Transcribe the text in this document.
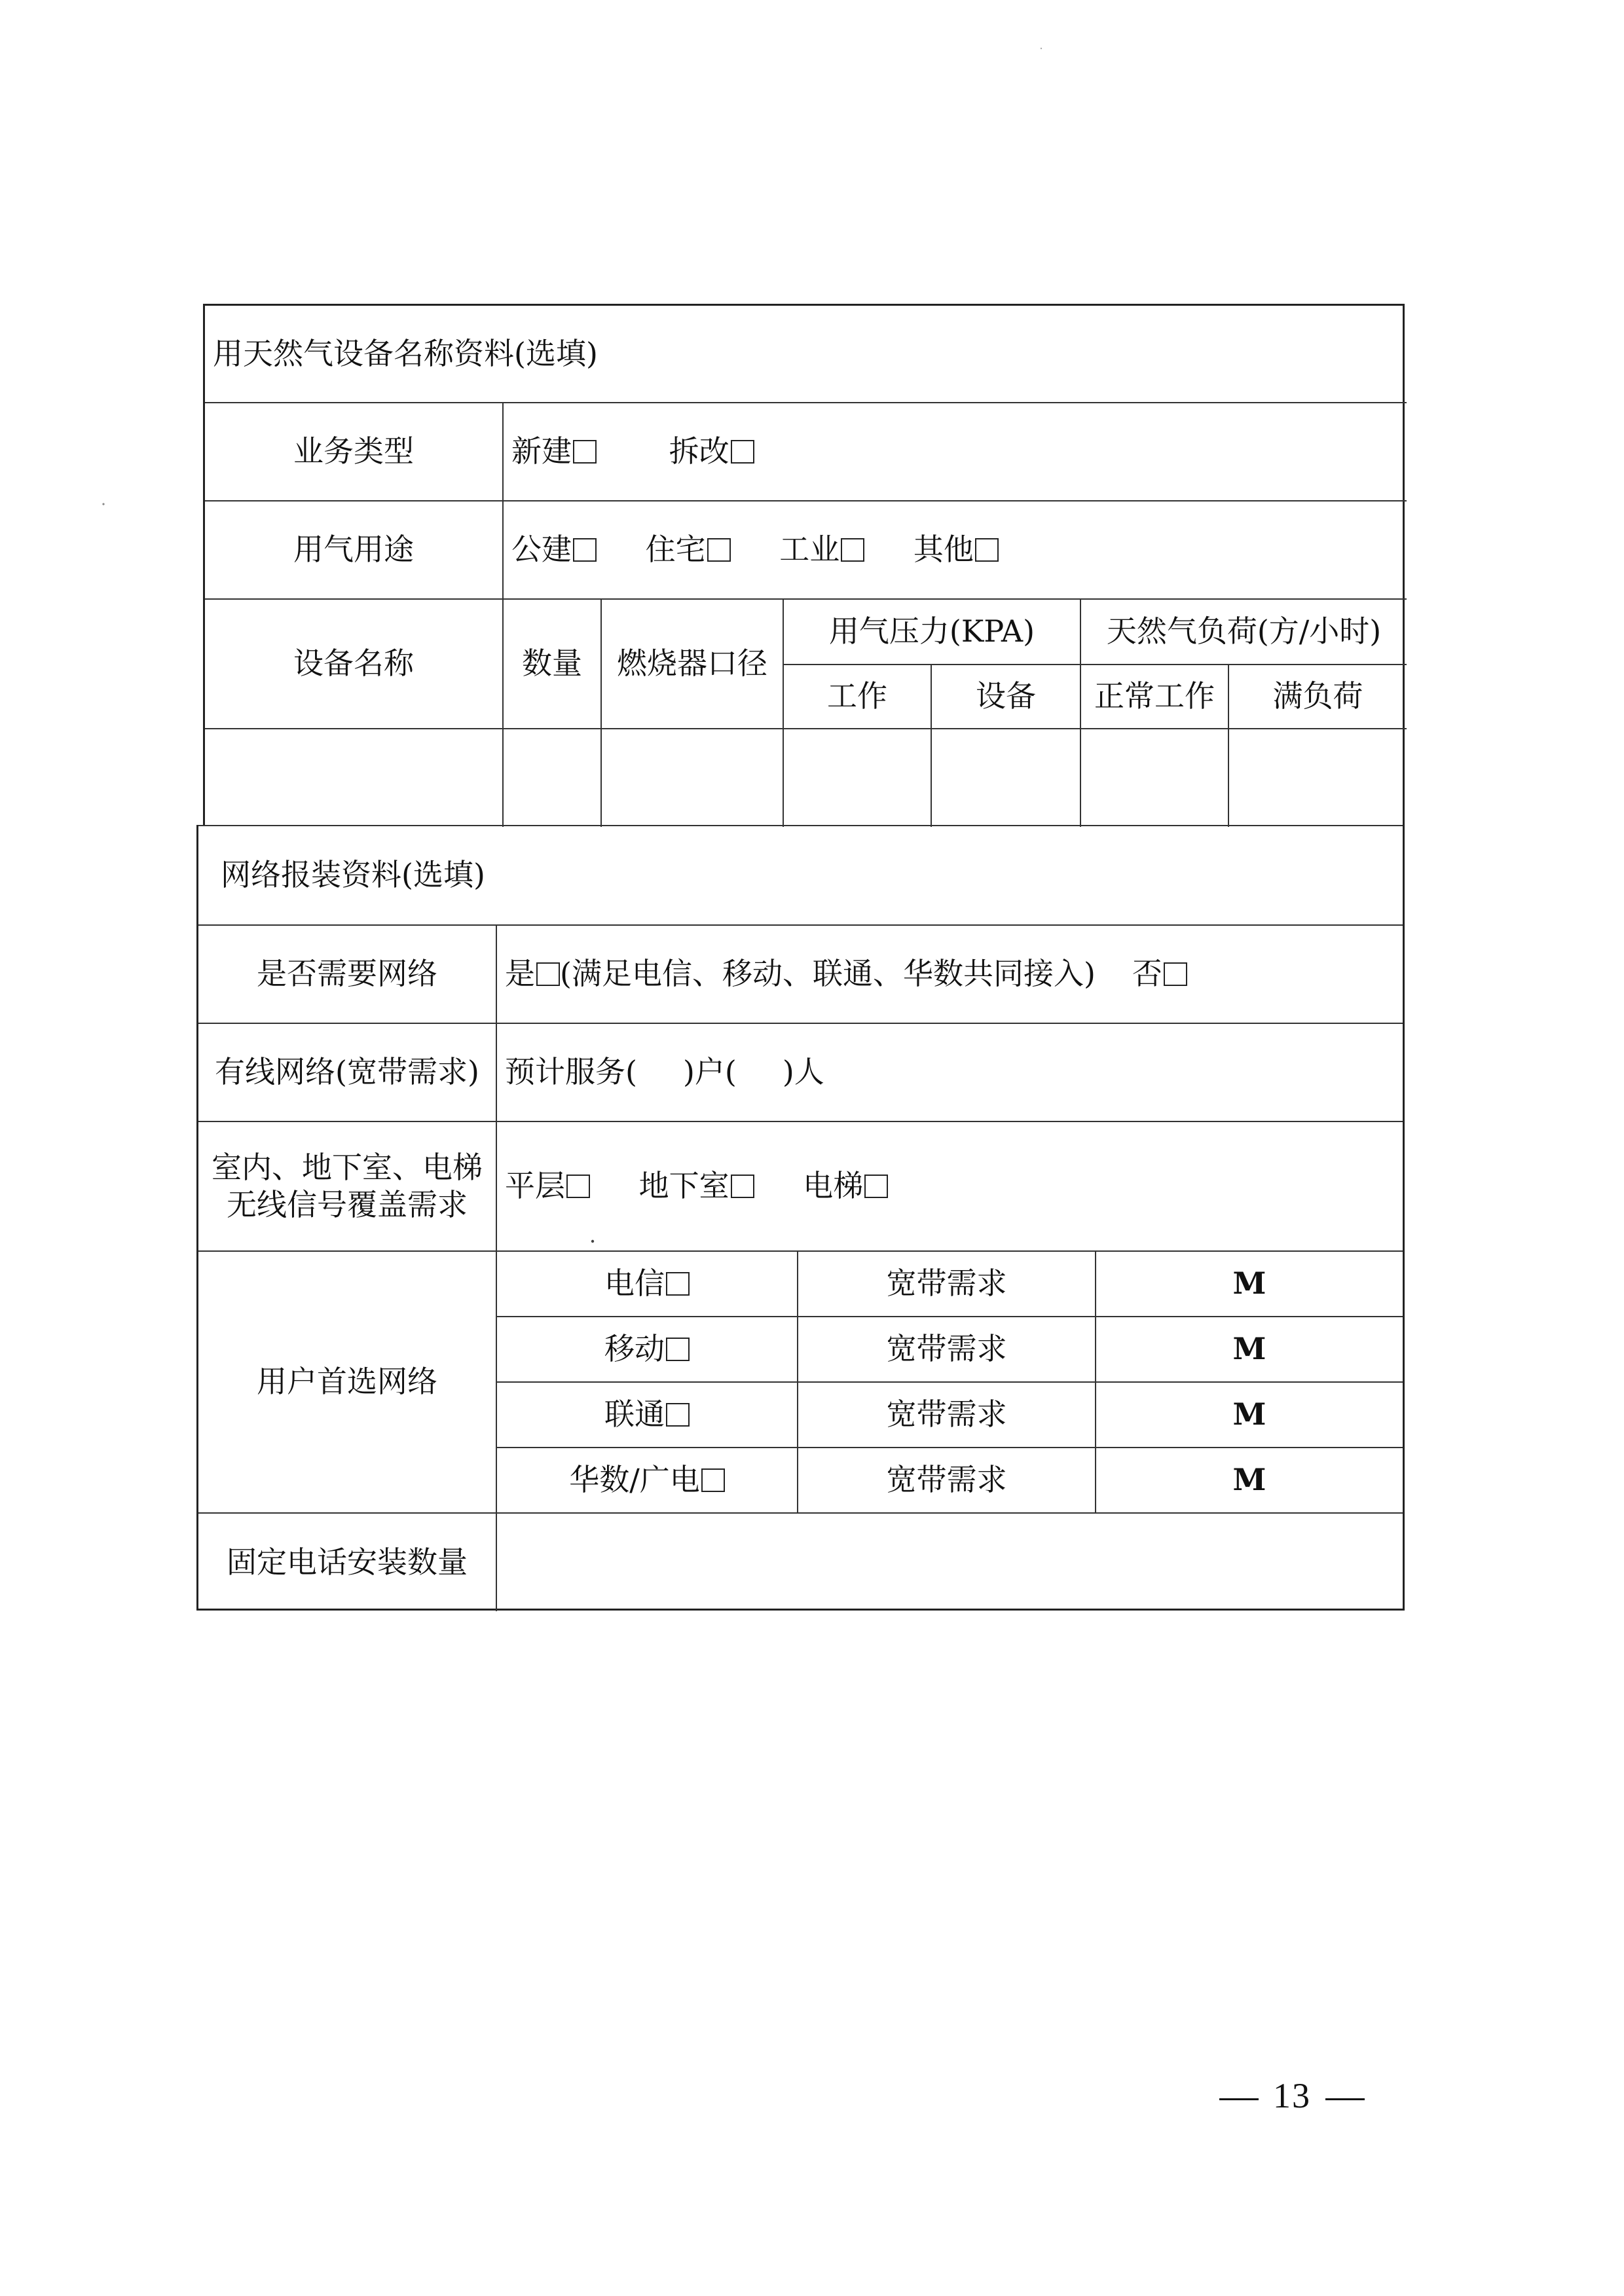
用天然气设备名称资料(选填)						
业务类型	新建 拆改					
用气用途	公建 住宅 工业 其他					
设备名称	数量	燃烧器口径	用气压力(KPA)		天然气负荷(方/小时)	
			工作	设备	正常工作	满负荷

网络报装资料(选填)			
是否需要网络	是 (满足电信、移动、联通、华数共同接入) 否		
有线网络(宽带需求)	预计服务( )户( )人		

室内、地下室、电梯
无线信号覆盖需求	平层 地下室 电梯		
用户首选网络	电信	宽带需求	M
	移动	宽带需求	M
	联通	宽带需求	M
	华数/广电	宽带需求	M
固定电话安装数量			
13
